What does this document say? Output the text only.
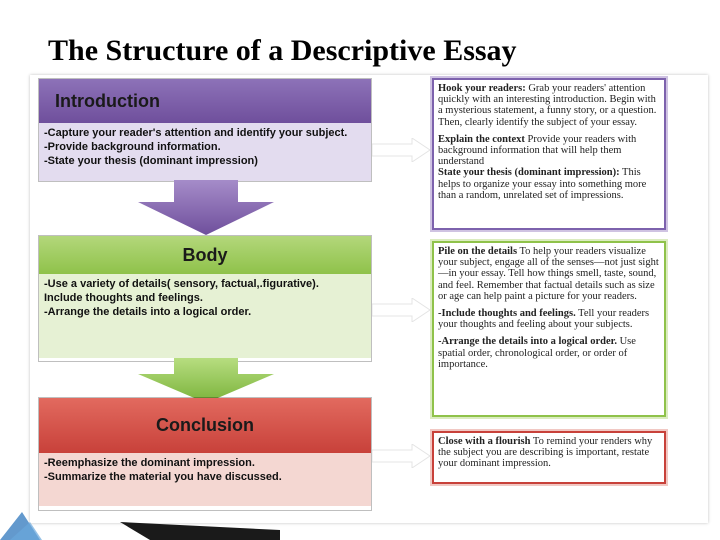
The Structure of a Descriptive Essay
Introduction
-Capture your reader's attention and identify your subject.
-Provide background information.
-State your thesis (dominant impression)
Body
-Use a variety of details( sensory, factual,.figurative).
Include thoughts and feelings.
-Arrange the details into a logical order.
Conclusion
-Reemphasize the dominant impression.
-Summarize the material you have discussed.

Hook your readers: Grab your readers' attention quickly with an interesting introduction. Begin with a mysterious statement, a funny story, or a question. Then, clearly identify the subject of your essay.

Explain the context Provide your readers with background information that will help them understand

State your thesis (dominant impression): This helps to organize your essay into something more than a random, unrelated set of impressions.

Pile on the details To help your readers visualize your subject, engage all of the senses—not just sight—in your essay. Tell how things smell, taste, sound, and feel. Remember that factual details such as size or age can help paint a picture for your readers.

-Include thoughts and feelings. Tell your readers your thoughts and feeling about your subjects.

-Arrange the details into a logical order. Use spatial order, chronological order, or order of importance.

Close with a flourish To remind your renders why the subject you are describing is important, restate your dominant impression.
